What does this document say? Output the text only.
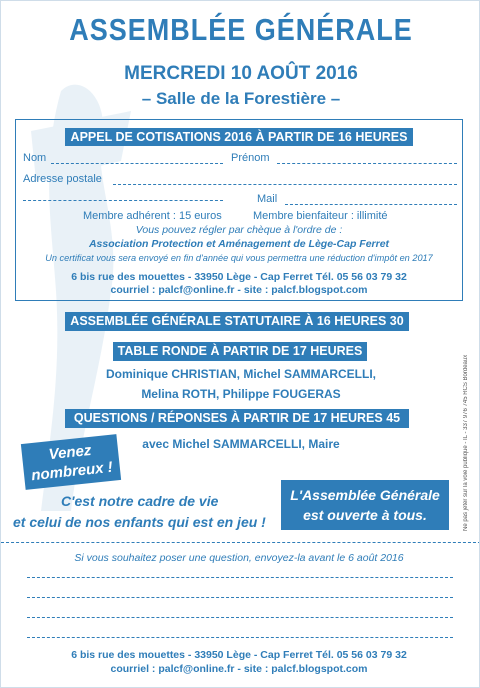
ASSEMBLÉE GÉNÉRALE
MERCREDI 10 AOÛT 2016
– Salle de la Forestière –
APPEL DE COTISATIONS 2016 À PARTIR DE 16 HEURES
Nom	Prénom
Adresse postale
Mail
Membre adhérent : 15 euros	Membre bienfaiteur : illimité
Vous pouvez régler par chèque à l'ordre de :
Association Protection et Aménagement de Lège-Cap Ferret
Un certificat vous sera envoyé en fin d'année qui vous permettra une réduction d'impôt en 2017
6 bis rue des mouettes - 33950 Lège - Cap Ferret Tél. 05 56 03 79 32
courriel : palcf@online.fr - site : palcf.blogspot.com
ASSEMBLÉE GÉNÉRALE STATUTAIRE À 16 HEURES 30
TABLE RONDE À PARTIR DE 17 HEURES
Dominique CHRISTIAN, Michel SAMMARCELLI,
Melina ROTH, Philippe FOUGERAS
QUESTIONS / RÉPONSES À PARTIR DE 17 HEURES 45
avec Michel SAMMARCELLI, Maire
Venez
nombreux !
C'est notre cadre de vie
et celui de nos enfants qui est en jeu !
L'Assemblée Générale
est ouverte à tous.	Ne pas jeter sur la voie publique - IL - 337 976 745 RCS Bordeaux
Si vous souhaitez poser une question, envoyez-la avant le 6 août 2016
6 bis rue des mouettes - 33950 Lège - Cap Ferret Tél. 05 56 03 79 32
courriel : palcf@online.fr - site : palcf.blogspot.com
